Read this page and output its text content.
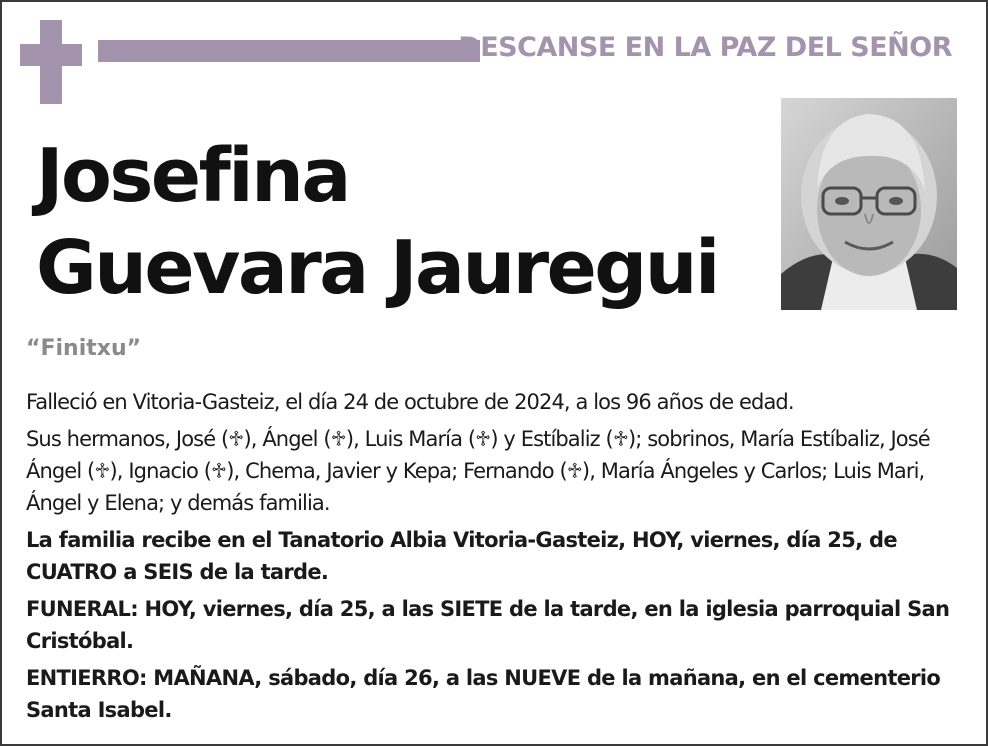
DESCANSE EN LA PAZ DEL SEÑOR
Josefina
Guevara Jauregui
“Finitxu”

Falleció en Vitoria-Gasteiz, el día 24 de octubre de 2024, a los 96 años de edad.

Sus hermanos, José (♱), Ángel (♱), Luis María (♱) y Estíbaliz (♱); sobrinos, María Estíbaliz, José Ángel (♱), Ignacio (♱), Chema, Javier y Kepa; Fernando (♱), María Ángeles y Carlos; Luis Mari, Ángel y Elena; y demás familia.

La familia recibe en el Tanatorio Albia Vitoria-Gasteiz, HOY, viernes, día 25, de CUATRO a SEIS de la tarde.

FUNERAL: HOY, viernes, día 25, a las SIETE de la tarde, en la iglesia parroquial San Cristóbal.

ENTIERRO: MAÑANA, sábado, día 26, a las NUEVE de la mañana, en el cementerio Santa Isabel.
